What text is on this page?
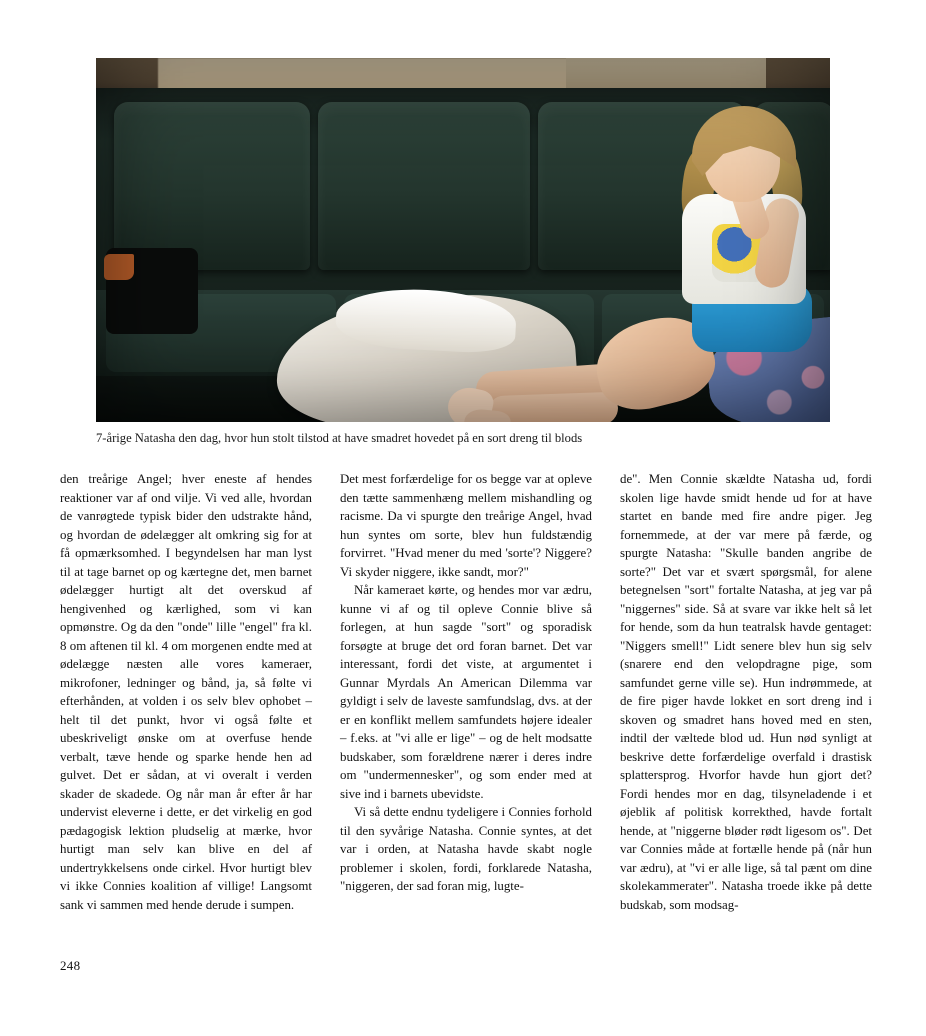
7-årige Natasha den dag, hvor hun stolt tilstod at have smadret hovedet på en sort dreng til blods

den treårige Angel; hver eneste af hendes reaktioner var af ond vilje. Vi ved alle, hvordan de vanrøgtede typisk bider den udstrakte hånd, og hvordan de ødelægger alt omkring sig for at få opmærksomhed. I begyndelsen har man lyst til at tage barnet op og kærtegne det, men barnet ødelægger hurtigt alt det overskud af hengivenhed og kærlighed, som vi kan opmønstre. Og da den "onde" lille "engel" fra kl. 8 om aftenen til kl. 4 om morgenen endte med at ødelægge næsten alle vores kameraer, mikrofoner, ledninger og bånd, ja, så følte vi efterhånden, at volden i os selv blev ophobet – helt til det punkt, hvor vi også følte et ubeskriveligt ønske om at overfuse hende verbalt, tæve hende og sparke hende hen ad gulvet. Det er sådan, at vi overalt i verden skader de skadede. Og når man år efter år har undervist eleverne i dette, er det virkelig en god pædagogisk lektion pludselig at mærke, hvor hurtigt man selv kan blive en del af undertrykkelsens onde cirkel. Hvor hurtigt blev vi ikke Connies koalition af villige! Langsomt sank vi sammen med hende derude i sumpen.

Det mest forfærdelige for os begge var at opleve den tætte sammenhæng mellem mishandling og racisme. Da vi spurgte den treårige Angel, hvad hun syntes om sorte, blev hun fuldstændig forvirret. "Hvad mener du med 'sorte'? Niggere? Vi skyder niggere, ikke sandt, mor?"

Når kameraet kørte, og hendes mor var ædru, kunne vi af og til opleve Connie blive så forlegen, at hun sagde "sort" og sporadisk forsøgte at bruge det ord foran barnet. Det var interessant, fordi det viste, at argumentet i Gunnar Myrdals An American Dilemma var gyldigt i selv de laveste samfundslag, dvs. at der er en konflikt mellem samfundets højere idealer – f.eks. at "vi alle er lige" – og de helt modsatte budskaber, som forældrene nærer i deres indre om "undermennesker", og som ender med at sive ind i barnets ubevidste.

Vi så dette endnu tydeligere i Connies forhold til den syvårige Natasha. Connie syntes, at det var i orden, at Natasha havde skabt nogle problemer i skolen, fordi, forklarede Natasha, "niggeren, der sad foran mig, lugte-

de". Men Connie skældte Natasha ud, fordi skolen lige havde smidt hende ud for at have startet en bande med fire andre piger. Jeg fornemmede, at der var mere på færde, og spurgte Natasha: "Skulle banden angribe de sorte?" Det var et svært spørgsmål, for alene betegnelsen "sort" fortalte Natasha, at jeg var på "niggernes" side. Så at svare var ikke helt så let for hende, som da hun teatralsk havde gentaget: "Niggers smell!" Lidt senere blev hun sig selv (snarere end den velopdragne pige, som samfundet gerne ville se). Hun indrømmede, at de fire piger havde lokket en sort dreng ind i skoven og smadret hans hoved med en sten, indtil der væltede blod ud. Hun nød synligt at beskrive dette forfærdelige overfald i drastisk splattersprog. Hvorfor havde hun gjort det? Fordi hendes mor en dag, tilsyneladende i et øjeblik af politisk korrekthed, havde fortalt hende, at "niggerne bløder rødt ligesom os". Det var Connies måde at fortælle hende på (når hun var ædru), at "vi er alle lige, så tal pænt om dine skolekammerater". Natasha troede ikke på dette budskab, som modsag-

248
